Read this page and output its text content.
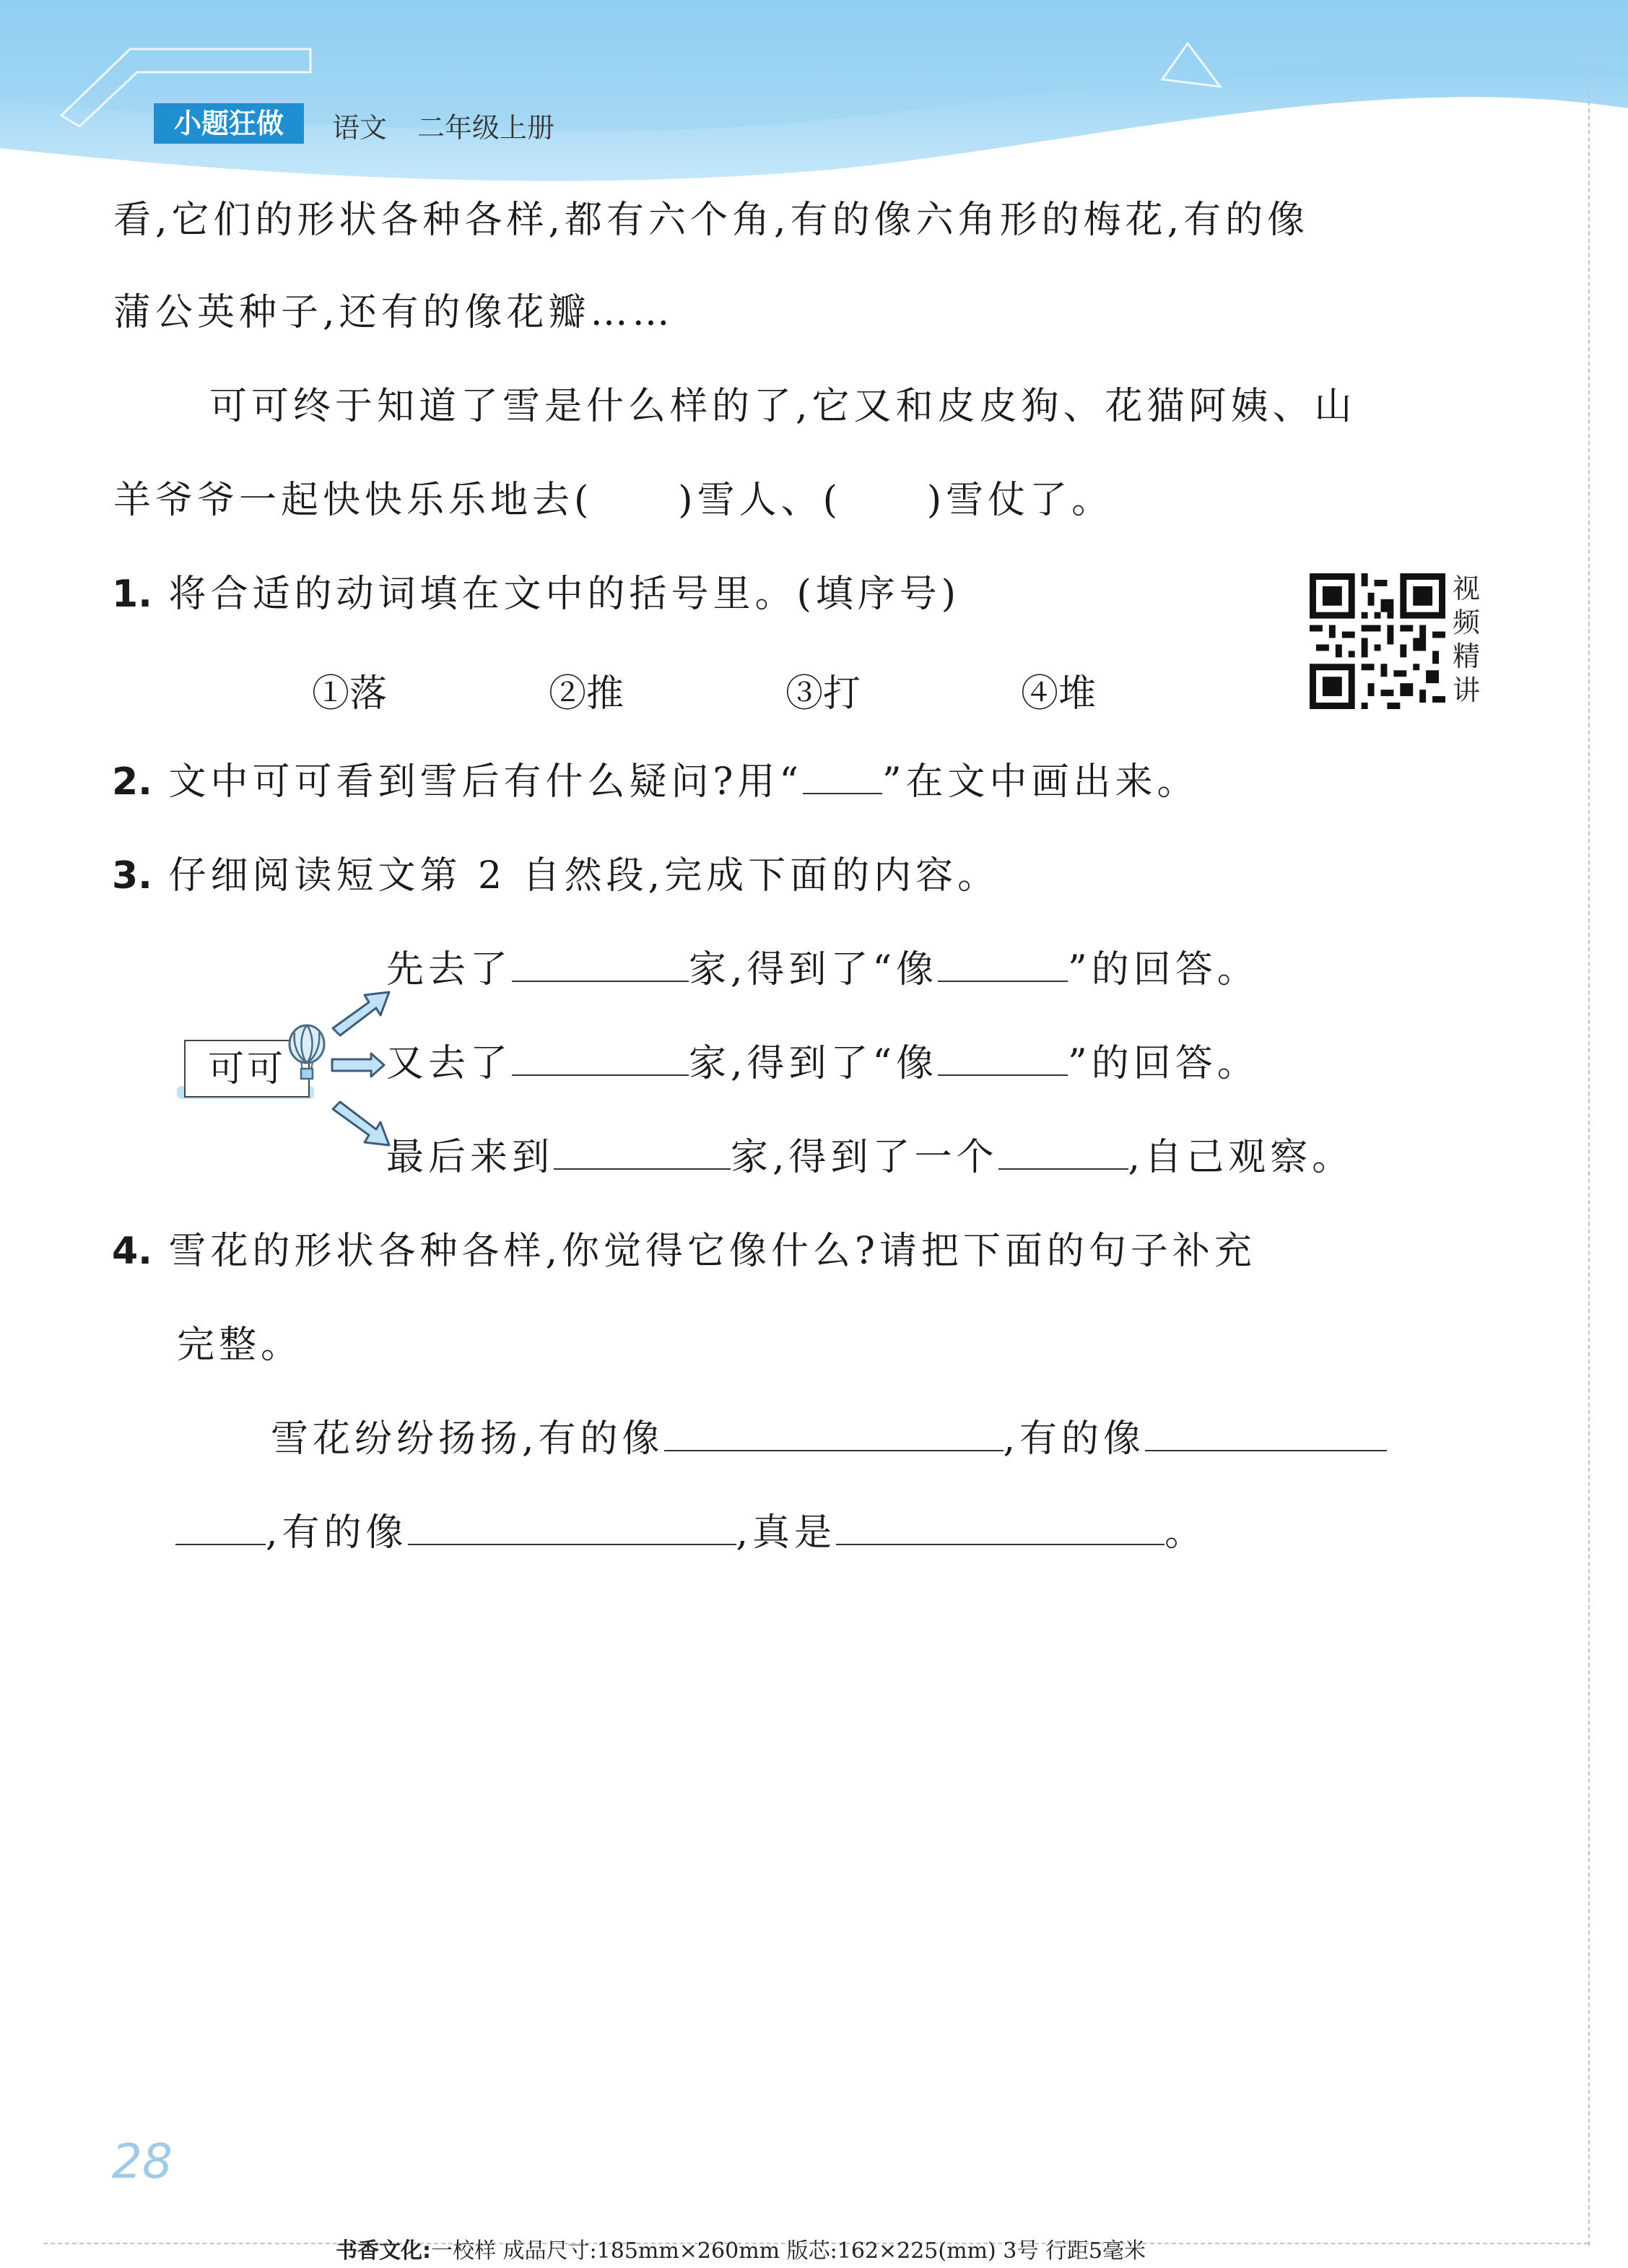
小题狂做	语文 二年级上册
看,它们的形状各种各样,都有六个角,有的像六角形的梅花,有的像
蒲公英种子,还有的像花瓣……
可可终于知道了雪是什么样的了,它又和皮皮狗、花猫阿姨、山
羊爷爷一起快快乐乐地去( )雪人、( )雪仗了。
1. 将合适的动词填在文中的括号里。(填序号)
①落	②推	③打	④堆
视
频
精
讲
2. 文中可可看到雪后有什么疑问?用“ ”在文中画出来。
3. 仔细阅读短文第 2 自然段,完成下面的内容。
可可
先去了	家,得到了“像	”的回答。
又去了	家,得到了“像	”的回答。
最后来到	家,得到了一个	,自己观察。
4. 雪花的形状各种各样,你觉得它像什么?请把下面的句子补充
完整。
雪花纷纷扬扬,有的像	,有的像
,有的像	,真是	。
28
书香文化:一校样 成品尺寸:185mm×260mm 版芯:162×225(mm) 3号 行距5毫米
